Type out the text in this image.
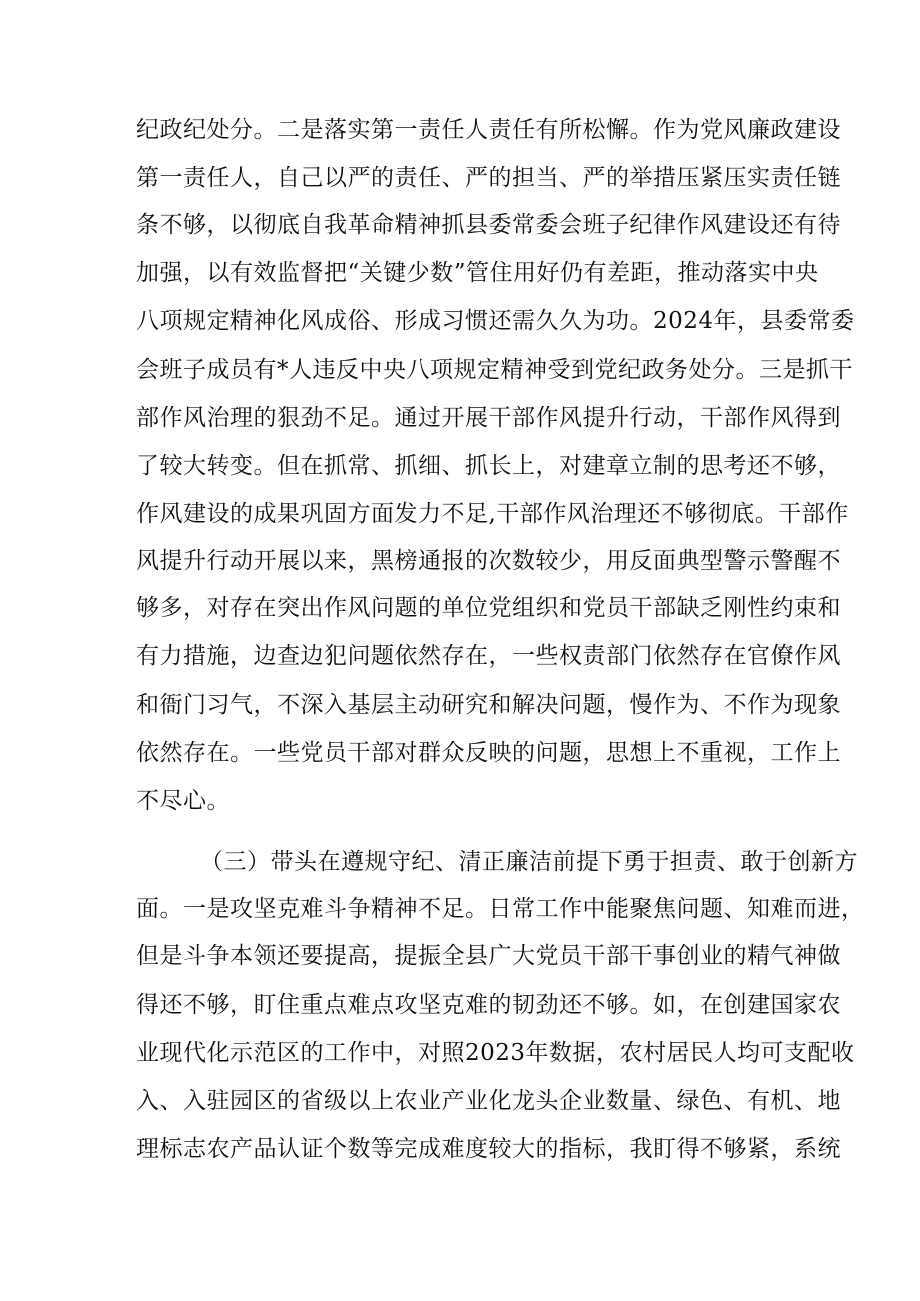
纪政纪处分。二是落实第一责任人责任有所松懈。作为党风廉政建设
第一责任人，自己以严的责任、严的担当、严的举措压紧压实责任链
条不够，以彻底自我革命精神抓县委常委会班子纪律作风建设还有待
加强，以有效监督把“关键少数”管住用好仍有差距，推动落实中央
八项规定精神化风成俗、形成习惯还需久久为功。2024年，县委常委
会班子成员有*人违反中央八项规定精神受到党纪政务处分。三是抓干
部作风治理的狠劲不足。通过开展干部作风提升行动，干部作风得到
了较大转变。但在抓常、抓细、抓长上，对建章立制的思考还不够，
作风建设的成果巩固方面发力不足,干部作风治理还不够彻底。干部作
风提升行动开展以来，黑榜通报的次数较少，用反面典型警示警醒不
够多，对存在突出作风问题的单位党组织和党员干部缺乏刚性约束和
有力措施，边查边犯问题依然存在，一些权责部门依然存在官僚作风
和衙门习气，不深入基层主动研究和解决问题，慢作为、不作为现象
依然存在。一些党员干部对群众反映的问题，思想上不重视，工作上
不尽心。
（三）带头在遵规守纪、清正廉洁前提下勇于担责、敢于创新方
面。一是攻坚克难斗争精神不足。日常工作中能聚焦问题、知难而进，
但是斗争本领还要提高，提振全县广大党员干部干事创业的精气神做
得还不够，盯住重点难点攻坚克难的韧劲还不够。如，在创建国家农
业现代化示范区的工作中，对照2023年数据，农村居民人均可支配收
入、入驻园区的省级以上农业产业化龙头企业数量、绿色、有机、地
理标志农产品认证个数等完成难度较大的指标，我盯得不够紧，系统
